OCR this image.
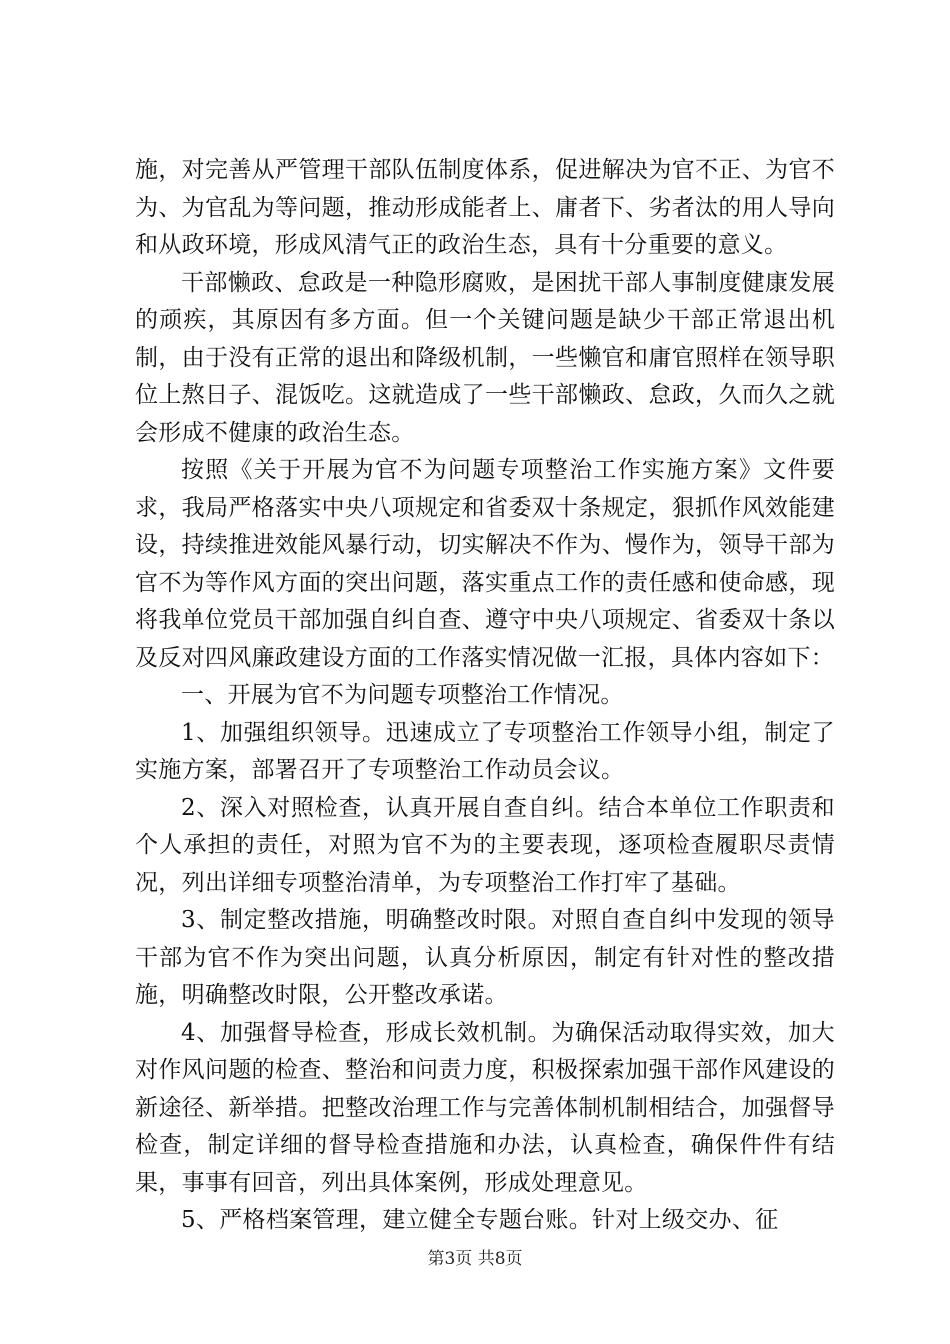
施，对完善从严管理干部队伍制度体系，促进解决为官不正、为官不为、为官乱为等问题，推动形成能者上、庸者下、劣者汰的用人导向和从政环境，形成风清气正的政治生态，具有十分重要的意义。

干部懒政、怠政是一种隐形腐败，是困扰干部人事制度健康发展的顽疾，其原因有多方面。但一个关键问题是缺少干部正常退出机制，由于没有正常的退出和降级机制，一些懒官和庸官照样在领导职位上熬日子、混饭吃。这就造成了一些干部懒政、怠政，久而久之就会形成不健康的政治生态。

按照《关于开展为官不为问题专项整治工作实施方案》文件要求，我局严格落实中央八项规定和省委双十条规定，狠抓作风效能建设，持续推进效能风暴行动，切实解决不作为、慢作为，领导干部为官不为等作风方面的突出问题，落实重点工作的责任感和使命感，现将我单位党员干部加强自纠自查、遵守中央八项规定、省委双十条以及反对四风廉政建设方面的工作落实情况做一汇报，具体内容如下：

一、开展为官不为问题专项整治工作情况。

1、加强组织领导。迅速成立了专项整治工作领导小组，制定了实施方案，部署召开了专项整治工作动员会议。

2、深入对照检查，认真开展自查自纠。结合本单位工作职责和个人承担的责任，对照为官不为的主要表现，逐项检查履职尽责情况，列出详细专项整治清单，为专项整治工作打牢了基础。

3、制定整改措施，明确整改时限。对照自查自纠中发现的领导干部为官不作为突出问题，认真分析原因，制定有针对性的整改措施，明确整改时限，公开整改承诺。

4、加强督导检查，形成长效机制。为确保活动取得实效，加大对作风问题的检查、整治和问责力度，积极探索加强干部作风建设的新途径、新举措。把整改治理工作与完善体制机制相结合，加强督导检查，制定详细的督导检查措施和办法，认真检查，确保件件有结果，事事有回音，列出具体案例，形成处理意见。

5、严格档案管理，建立健全专题台账。针对上级交办、征

第3页 共8页
